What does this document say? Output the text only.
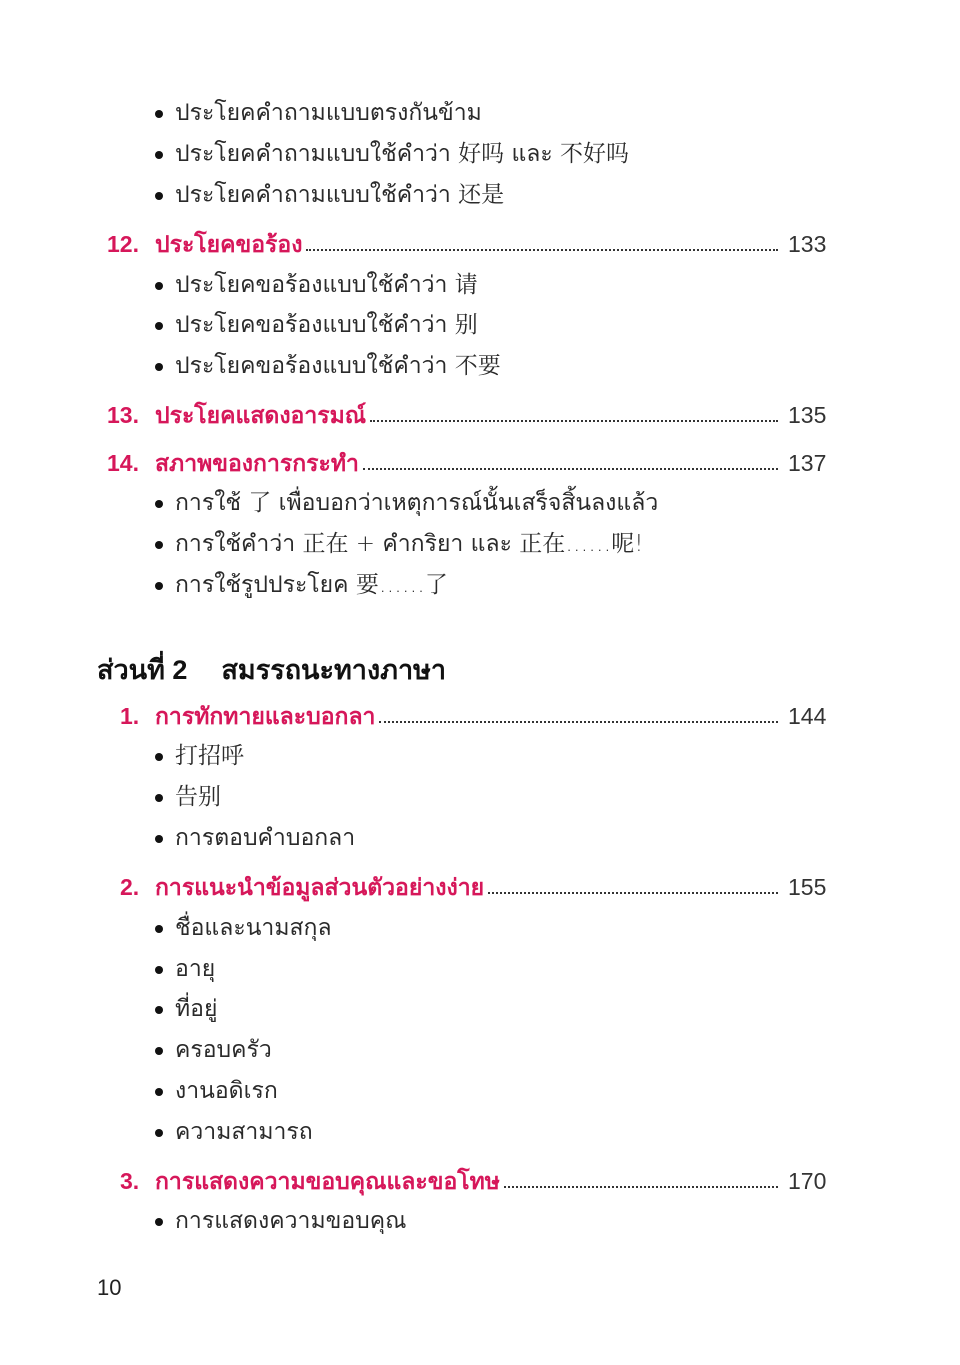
ประโยคคำถามแบบตรงกันข้าม
ประโยคคำถามแบบใช้คำว่า 好吗 และ 不好吗
ประโยคคำถามแบบใช้คำว่า 还是
12. ประโยคขอร้อง	133
ประโยคขอร้องแบบใช้คำว่า 请
ประโยคขอร้องแบบใช้คำว่า 别
ประโยคขอร้องแบบใช้คำว่า 不要
13. ประโยคแสดงอารมณ์	135
14. สภาพของการกระทำ	137
การใช้ 了 เพื่อบอกว่าเหตุการณ์นั้นเสร็จสิ้นลงแล้ว
การใช้คำว่า 正在 + คำกริยา และ 正在……呢!
การใช้รูปประโยค 要……了
ส่วนที่ 2 สมรรถนะทางภาษา
1. การทักทายและบอกลา	144
打招呼
告别
การตอบคำบอกลา
2. การแนะนำข้อมูลส่วนตัวอย่างง่าย	155
ชื่อและนามสกุล
อายุ
ที่อยู่
ครอบครัว
งานอดิเรก
ความสามารถ
3. การแสดงความขอบคุณและขอโทษ	170
การแสดงความขอบคุณ
10
